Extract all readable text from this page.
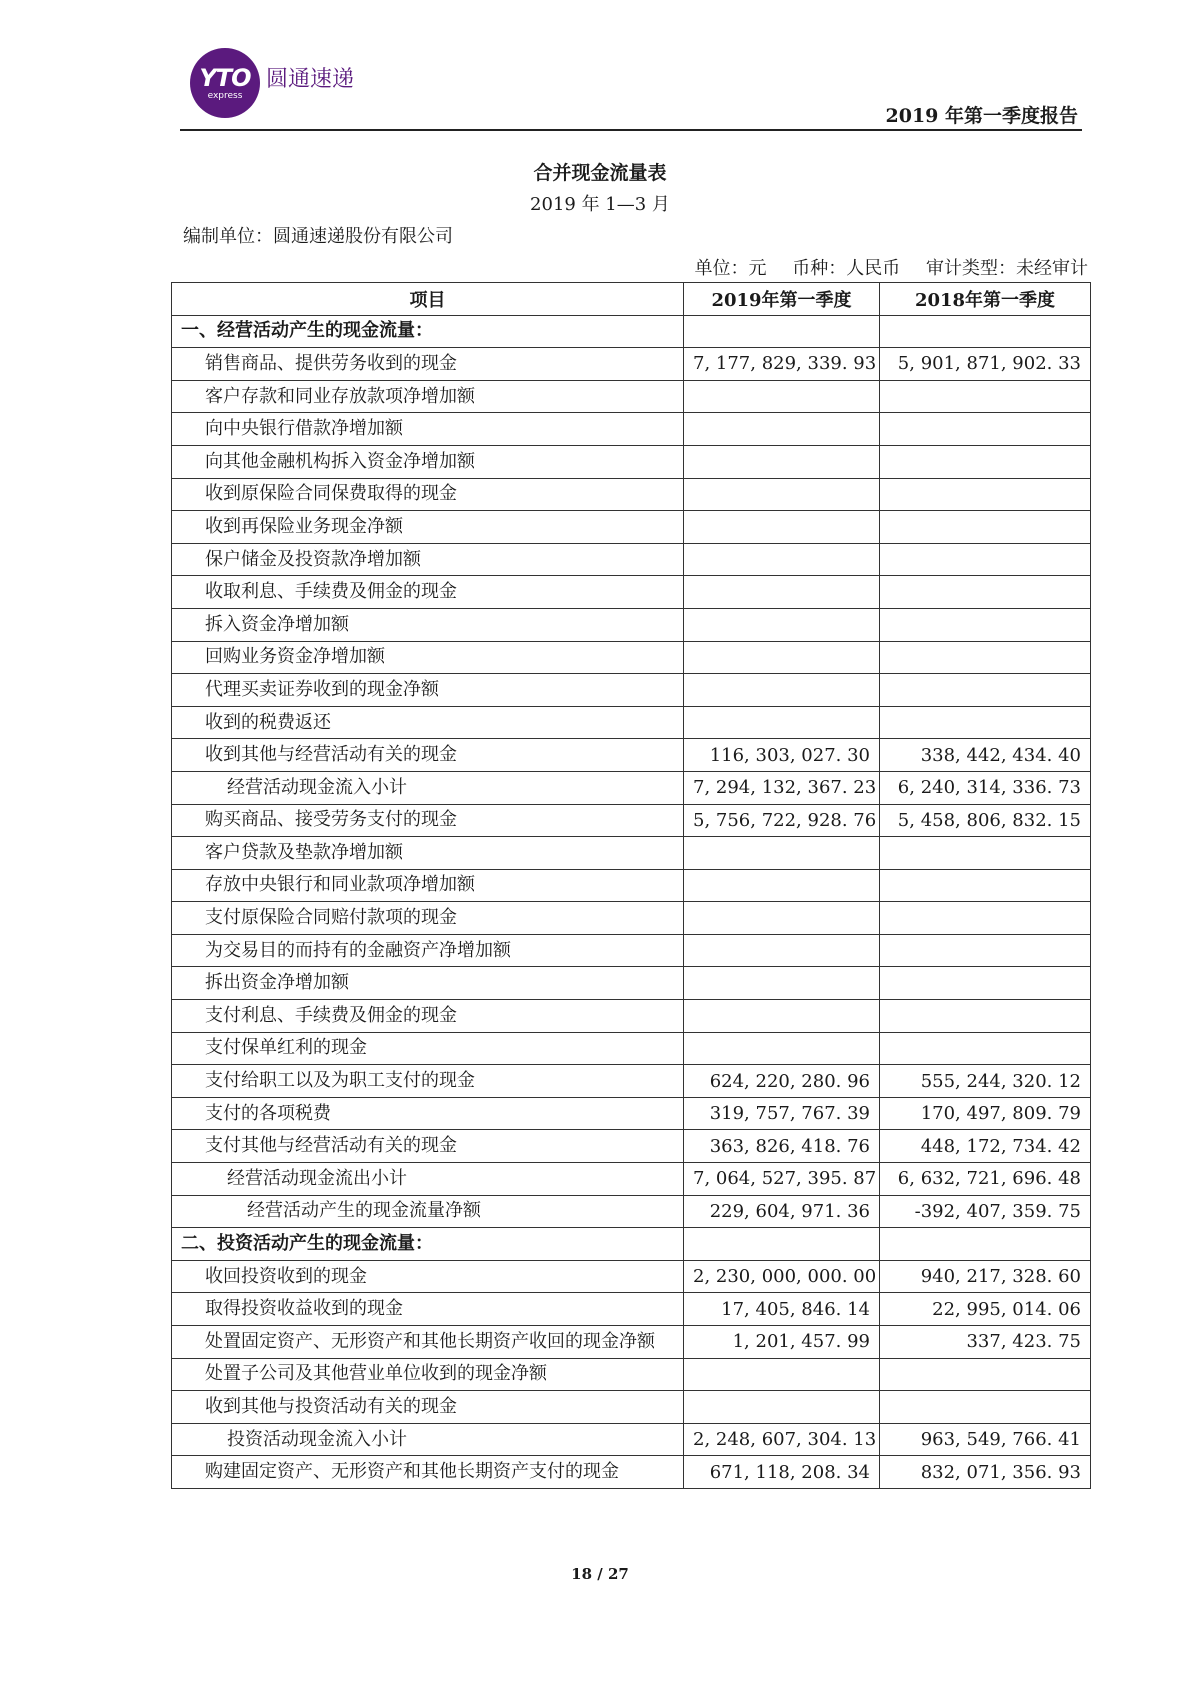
YTO
express
圆通速递
2019 年第一季度报告
合并现金流量表
2019 年 1—3 月
编制单位：圆通速递股份有限公司
单位：元 币种：人民币 审计类型：未经审计
项目	2019年第一季度	2018年第一季度
一、经营活动产生的现金流量：		
销售商品、提供劳务收到的现金	7, 177, 829, 339. 93	5, 901, 871, 902. 33
客户存款和同业存放款项净增加额		
向中央银行借款净增加额		
向其他金融机构拆入资金净增加额		
收到原保险合同保费取得的现金		
收到再保险业务现金净额		
保户储金及投资款净增加额		
收取利息、手续费及佣金的现金		
拆入资金净增加额		
回购业务资金净增加额		
代理买卖证券收到的现金净额		
收到的税费返还		
收到其他与经营活动有关的现金	116, 303, 027. 30	338, 442, 434. 40
经营活动现金流入小计	7, 294, 132, 367. 23	6, 240, 314, 336. 73
购买商品、接受劳务支付的现金	5, 756, 722, 928. 76	5, 458, 806, 832. 15
客户贷款及垫款净增加额		
存放中央银行和同业款项净增加额		
支付原保险合同赔付款项的现金		
为交易目的而持有的金融资产净增加额		
拆出资金净增加额		
支付利息、手续费及佣金的现金		
支付保单红利的现金		
支付给职工以及为职工支付的现金	624, 220, 280. 96	555, 244, 320. 12
支付的各项税费	319, 757, 767. 39	170, 497, 809. 79
支付其他与经营活动有关的现金	363, 826, 418. 76	448, 172, 734. 42
经营活动现金流出小计	7, 064, 527, 395. 87	6, 632, 721, 696. 48
经营活动产生的现金流量净额	229, 604, 971. 36	-392, 407, 359. 75
二、投资活动产生的现金流量：		
收回投资收到的现金	2, 230, 000, 000. 00	940, 217, 328. 60
取得投资收益收到的现金	17, 405, 846. 14	22, 995, 014. 06
处置固定资产、无形资产和其他长期资产收回的现金净额	1, 201, 457. 99	337, 423. 75
处置子公司及其他营业单位收到的现金净额		
收到其他与投资活动有关的现金		
投资活动现金流入小计	2, 248, 607, 304. 13	963, 549, 766. 41
购建固定资产、无形资产和其他长期资产支付的现金	671, 118, 208. 34	832, 071, 356. 93
18 / 27
